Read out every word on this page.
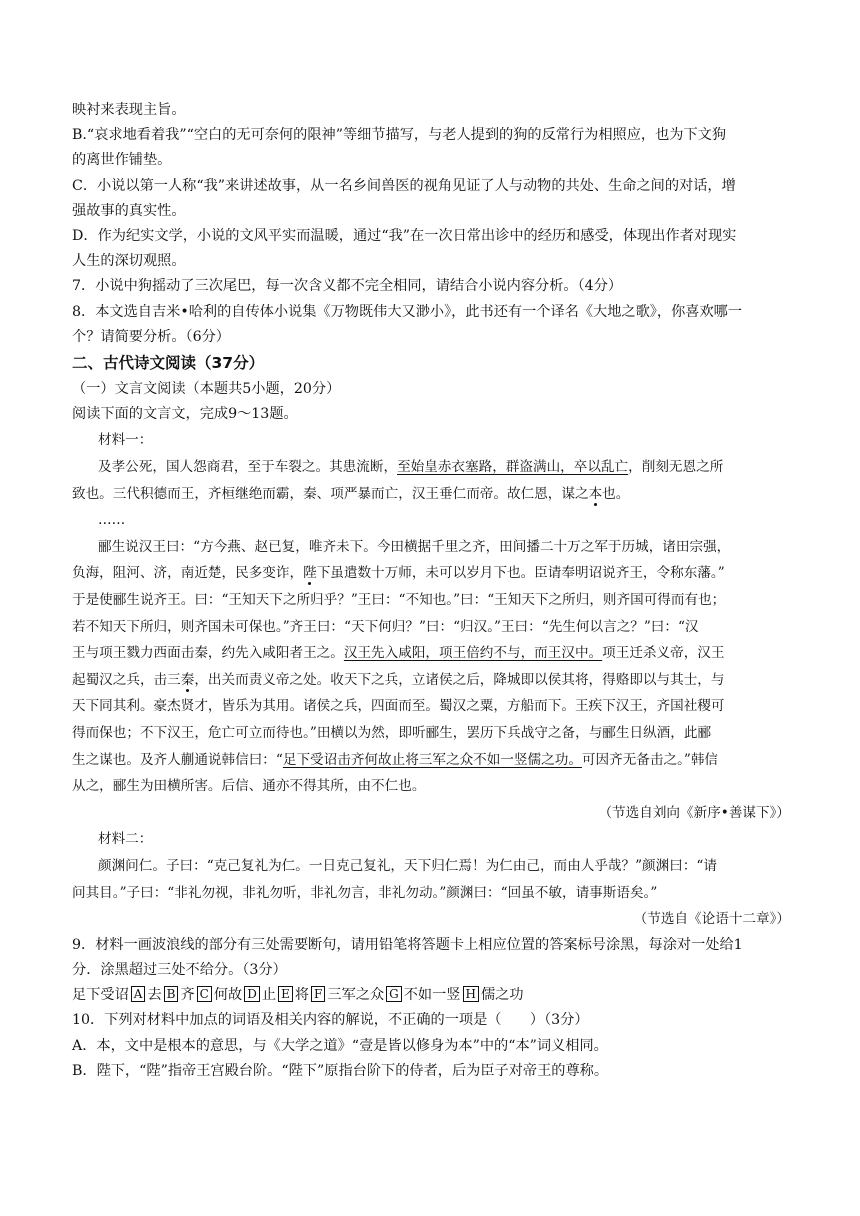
映衬来表现主旨。
B.“哀求地看着我”“空白的无可奈何的限神”等细节描写，与老人提到的狗的反常行为相照应，也为下文狗
的离世作铺垫。
C．小说以第一人称“我”来讲述故事，从一名乡间兽医的视角见证了人与动物的共处、生命之间的对话，增
强故事的真实性。
D．作为纪实文学，小说的文风平实而温暖，通过“我”在一次日常出诊中的经历和感受，体现出作者对现实
人生的深切观照。
7．小说中狗摇动了三次尾巴，每一次含义都不完全相同，请结合小说内容分析。（4分）
8．本文选自吉米•哈利的自传体小说集《万物既伟大又渺小》，此书还有一个译名《大地之歌》，你喜欢哪一
个？请简要分析。（6分）
二、古代诗文阅读（37分）
（一）文言文阅读（本题共5小题，20分）
阅读下面的文言文，完成9～13题。
材料一：
及孝公死，国人怨商君，至于车裂之。其患流断，至始皇赤衣塞路，群盗满山，卒以乱亡，削刻无恩之所
致也。三代积德而王，齐桓继绝而霸，秦、项严暴而亡，汉王垂仁而帝。故仁恩，谋之本也。
……
郦生说汉王曰：“方今燕、赵已复，唯齐未下。今田横据千里之齐，田间播二十万之军于历城，诸田宗强，
负海，阻河、济，南近楚，民多变诈，陛下虽遣数十万师，未可以岁月下也。臣请奉明诏说齐王，令称东藩。”
于是使郦生说齐王。曰：“王知天下之所归乎？”王曰：“不知也。”曰：“王知天下之所归，则齐国可得而有也；
若不知天下所归，则齐国未可保也。”齐王曰：“天下何归？”曰：“归汉。”王曰：“先生何以言之？”曰：“汉
王与项王戮力西面击秦，约先入咸阳者王之。汉王先入咸阳，项王倍约不与，而王汉中。项王迁杀义帝，汉王
起蜀汉之兵，击三秦，出关而责义帝之处。收天下之兵，立诸侯之后，降城即以侯其将，得赂即以与其士，与
天下同其利。豪杰贤才，皆乐为其用。诸侯之兵，四面而至。蜀汉之粟，方船而下。王疾下汉王，齐国社稷可
得而保也；不下汉王，危亡可立而待也。”田横以为然，即听郦生，罢历下兵战守之备，与郦生日纵酒，此郦
生之谋也。及齐人蒯通说韩信曰：“足下受诏击齐何故止将三军之众不如一竖儒之功。可因齐无备击之。”韩信
从之，郦生为田横所害。后信、通亦不得其所，由不仁也。
（节选自刘向《新序•善谋下》）
材料二：
颜渊问仁。子曰：“克己复礼为仁。一日克己复礼，天下归仁焉！为仁由己，而由人乎哉？”颜渊曰：“请
问其目。”子曰：“非礼勿视，非礼勿听，非礼勿言，非礼勿动。”颜渊曰：“回虽不敏，请事斯语矣。”
（节选自《论语十二章》）
9．材料一画波浪线的部分有三处需要断句，请用铅笔将答题卡上相应位置的答案标号涂黑，每涂对一处给1
分．涂黑超过三处不给分。（3分）
足下受诏 A 去 B 齐 C 何故 D 止 E 将 F 三军之众 G 不如一竖 H 儒之功
10．下列对材料中加点的词语及相关内容的解说，不正确的一项是（　　）（3分）
A．本，文中是根本的意思，与《大学之道》“壹是皆以修身为本”中的“本”词义相同。
B．陛下，“陛”指帝王宫殿台阶。“陛下”原指台阶下的侍者，后为臣子对帝王的尊称。
